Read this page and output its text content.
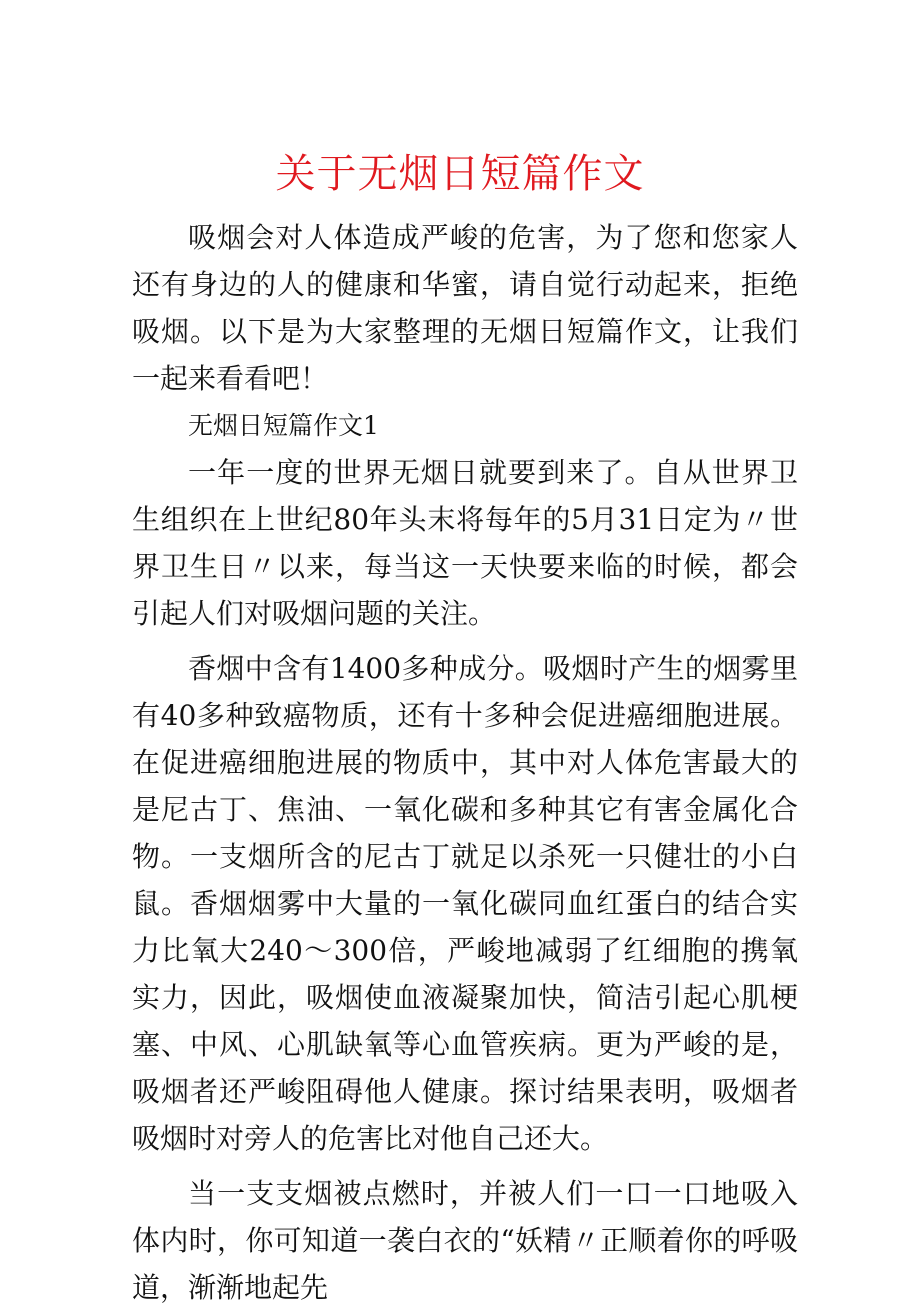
关于无烟日短篇作文

吸烟会对人体造成严峻的危害，为了您和您家人还有身边的人的健康和华蜜，请自觉行动起来，拒绝吸烟。以下是为大家整理的无烟日短篇作文，让我们一起来看看吧！

无烟日短篇作文1

一年一度的世界无烟日就要到来了。自从世界卫生组织在上世纪80年头末将每年的5月31日定为〃世界卫生日〃以来，每当这一天快要来临的时候，都会引起人们对吸烟问题的关注。

香烟中含有1400多种成分。吸烟时产生的烟雾里有40多种致癌物质，还有十多种会促进癌细胞进展。在促进癌细胞进展的物质中，其中对人体危害最大的是尼古丁、焦油、一氧化碳和多种其它有害金属化合物。一支烟所含的尼古丁就足以杀死一只健壮的小白鼠。香烟烟雾中大量的一氧化碳同血红蛋白的结合实力比氧大240～300倍，严峻地减弱了红细胞的携氧实力，因此，吸烟使血液凝聚加快，简洁引起心肌梗塞、中风、心肌缺氧等心血管疾病。更为严峻的是，吸烟者还严峻阻碍他人健康。探讨结果表明，吸烟者吸烟时对旁人的危害比对他自己还大。

当一支支烟被点燃时，并被人们一口一口地吸入体内时，你可知道一袭白衣的“妖精〃正顺着你的呼吸道，渐渐地起先
